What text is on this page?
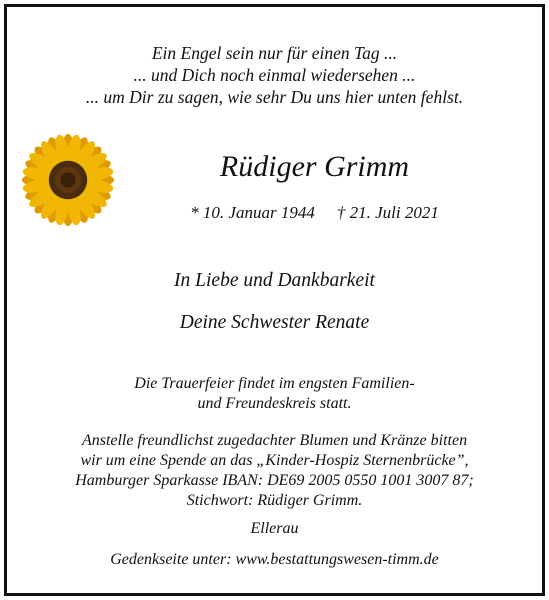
Ein Engel sein nur für einen Tag ...
... und Dich noch einmal wiedersehen ...
... um Dir zu sagen, wie sehr Du uns hier unten fehlst.
Rüdiger Grimm
* 10. Januar 1944 † 21. Juli 2021
In Liebe und Dankbarkeit
Deine Schwester Renate
Die Trauerfeier findet im engsten Familien-
und Freundeskreis statt.
Anstelle freundlichst zugedachter Blumen und Kränze bitten
wir um eine Spende an das „Kinder-Hospiz Sternenbrücke”,
Hamburger Sparkasse IBAN: DE69 2005 0550 1001 3007 87;
Stichwort: Rüdiger Grimm.
Ellerau
Gedenkseite unter: www.bestattungswesen-timm.de
